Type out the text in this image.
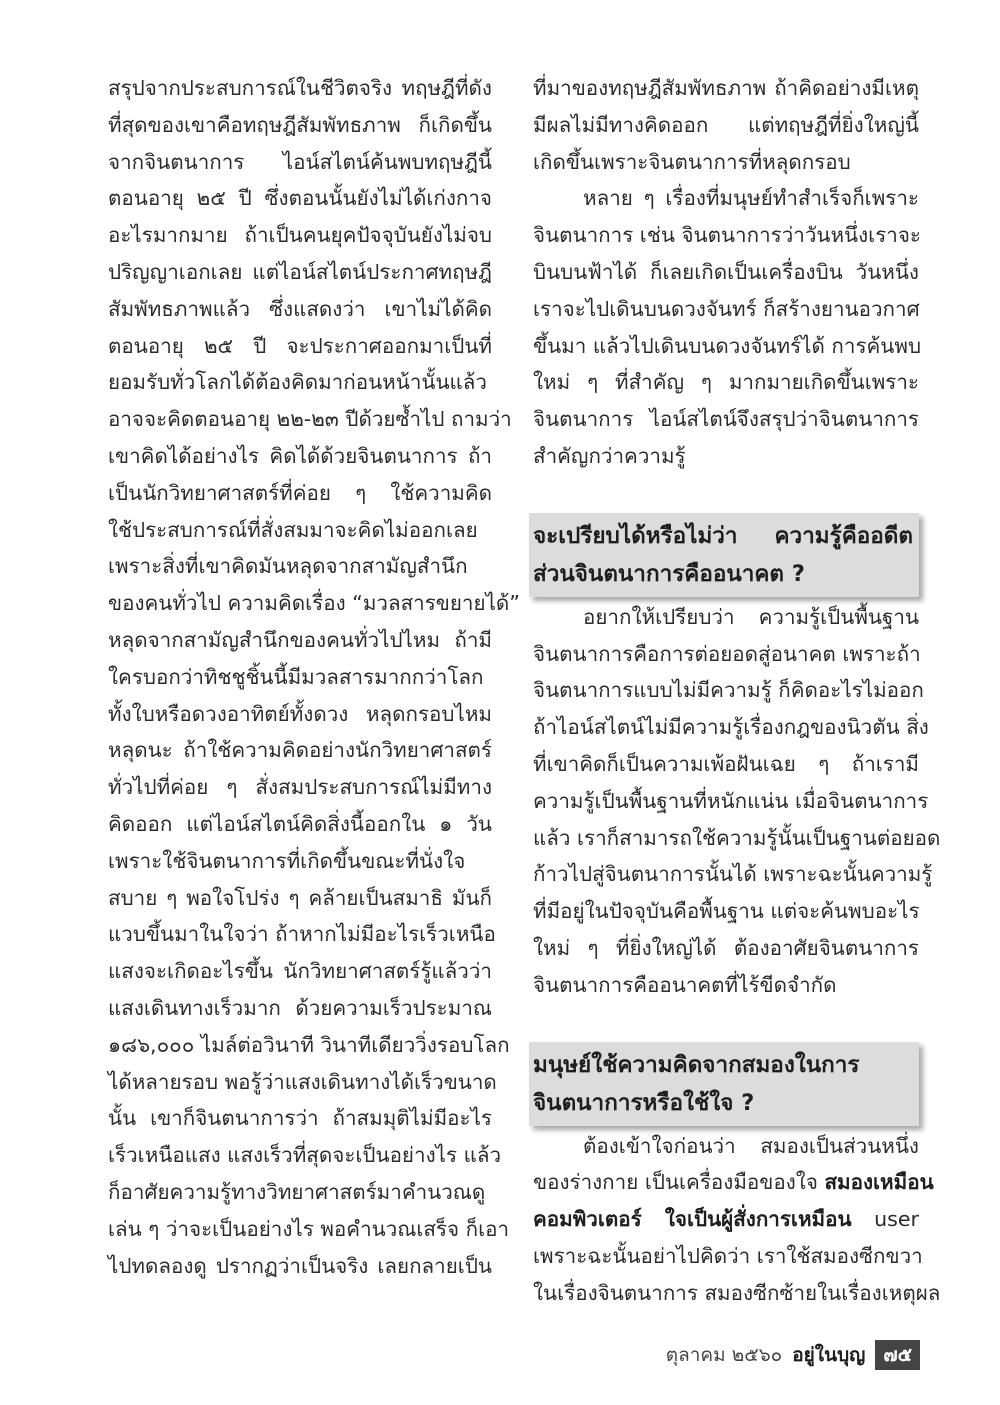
สรุปจากประสบการณ์ในชีวิตจริง ทฤษฎีที่ดัง
ที่สุดของเขาคือทฤษฎีสัมพัทธภาพ ก็เกิดขึ้น
จากจินตนาการ ไอน์สไตน์ค้นพบทฤษฎีนี้
ตอนอายุ ๒๕ ปี ซึ่งตอนนั้นยังไม่ได้เก่งกาจ
อะไรมากมาย ถ้าเป็นคนยุคปัจจุบันยังไม่จบ
ปริญญาเอกเลย แต่ไอน์สไตน์ประกาศทฤษฎี
สัมพัทธภาพแล้ว ซึ่งแสดงว่า เขาไม่ได้คิด
ตอนอายุ ๒๕ ปี จะประกาศออกมาเป็นที่
ยอมรับทั่วโลกได้ต้องคิดมาก่อนหน้านั้นแล้ว
อาจจะคิดตอนอายุ ๒๒-๒๓ ปีด้วยซ้ำไป ถามว่า
เขาคิดได้อย่างไร คิดได้ด้วยจินตนาการ ถ้า
เป็นนักวิทยาศาสตร์ที่ค่อย ๆ ใช้ความคิด
ใช้ประสบการณ์ที่สั่งสมมาจะคิดไม่ออกเลย
เพราะสิ่งที่เขาคิดมันหลุดจากสามัญสำนึก
ของคนทั่วไป ความคิดเรื่อง “มวลสารขยายได้”
หลุดจากสามัญสำนึกของคนทั่วไปไหม ถ้ามี
ใครบอกว่าทิชชูชิ้นนี้มีมวลสารมากกว่าโลก
ทั้งใบหรือดวงอาทิตย์ทั้งดวง หลุดกรอบไหม
หลุดนะ ถ้าใช้ความคิดอย่างนักวิทยาศาสตร์
ทั่วไปที่ค่อย ๆ สั่งสมประสบการณ์ไม่มีทาง
คิดออก แต่ไอน์สไตน์คิดสิ่งนี้ออกใน ๑ วัน
เพราะใช้จินตนาการที่เกิดขึ้นขณะที่นั่งใจ
สบาย ๆ พอใจโปร่ง ๆ คล้ายเป็นสมาธิ มันก็
แวบขึ้นมาในใจว่า ถ้าหากไม่มีอะไรเร็วเหนือ
แสงจะเกิดอะไรขึ้น นักวิทยาศาสตร์รู้แล้วว่า
แสงเดินทางเร็วมาก ด้วยความเร็วประมาณ
๑๘๖,๐๐๐ ไมล์ต่อวินาที วินาทีเดียววิ่งรอบโลก
ได้หลายรอบ พอรู้ว่าแสงเดินทางได้เร็วขนาด
นั้น เขาก็จินตนาการว่า ถ้าสมมุติไม่มีอะไร
เร็วเหนือแสง แสงเร็วที่สุดจะเป็นอย่างไร แล้ว
ก็อาศัยความรู้ทางวิทยาศาสตร์มาคำนวณดู
เล่น ๆ ว่าจะเป็นอย่างไร พอคำนวณเสร็จ ก็เอา
ไปทดลองดู ปรากฏว่าเป็นจริง เลยกลายเป็น
ที่มาของทฤษฎีสัมพัทธภาพ ถ้าคิดอย่างมีเหตุ
มีผลไม่มีทางคิดออก แต่ทฤษฎีที่ยิ่งใหญ่นี้
เกิดขึ้นเพราะจินตนาการที่หลุดกรอบ
หลาย ๆ เรื่องที่มนุษย์ทำสำเร็จก็เพราะ
จินตนาการ เช่น จินตนาการว่าวันหนึ่งเราจะ
บินบนฟ้าได้ ก็เลยเกิดเป็นเครื่องบิน วันหนึ่ง
เราจะไปเดินบนดวงจันทร์ ก็สร้างยานอวกาศ
ขึ้นมา แล้วไปเดินบนดวงจันทร์ได้ การค้นพบ
ใหม่ ๆ ที่สำคัญ ๆ มากมายเกิดขึ้นเพราะ
จินตนาการ ไอน์สไตน์จึงสรุปว่าจินตนาการ
สำคัญกว่าความรู้
จะเปรียบได้หรือไม่ว่า ความรู้คืออดีต
ส่วนจินตนาการคืออนาคต ?
อยากให้เปรียบว่า ความรู้เป็นพื้นฐาน
จินตนาการคือการต่อยอดสู่อนาคต เพราะถ้า
จินตนาการแบบไม่มีความรู้ ก็คิดอะไรไม่ออก
ถ้าไอน์สไตน์ไม่มีความรู้เรื่องกฎของนิวตัน สิ่ง
ที่เขาคิดก็เป็นความเพ้อฝันเฉย ๆ ถ้าเรามี
ความรู้เป็นพื้นฐานที่หนักแน่น เมื่อจินตนาการ
แล้ว เราก็สามารถใช้ความรู้นั้นเป็นฐานต่อยอด
ก้าวไปสู่จินตนาการนั้นได้ เพราะฉะนั้นความรู้
ที่มีอยู่ในปัจจุบันคือพื้นฐาน แต่จะค้นพบอะไร
ใหม่ ๆ ที่ยิ่งใหญ่ได้ ต้องอาศัยจินตนาการ
จินตนาการคืออนาคตที่ไร้ขีดจำกัด
มนุษย์ใช้ความคิดจากสมองในการ
จินตนาการหรือใช้ใจ ?
ต้องเข้าใจก่อนว่า สมองเป็นส่วนหนึ่ง
ของร่างกาย เป็นเครื่องมือของใจ สมองเหมือน
คอมพิวเตอร์ ใจเป็นผู้สั่งการเหมือน user
เพราะฉะนั้นอย่าไปคิดว่า เราใช้สมองซีกขวา
ในเรื่องจินตนาการ สมองซีกซ้ายในเรื่องเหตุผล
ตุลาคม ๒๕๖๐ อยู่ในบุญ ๗๕
